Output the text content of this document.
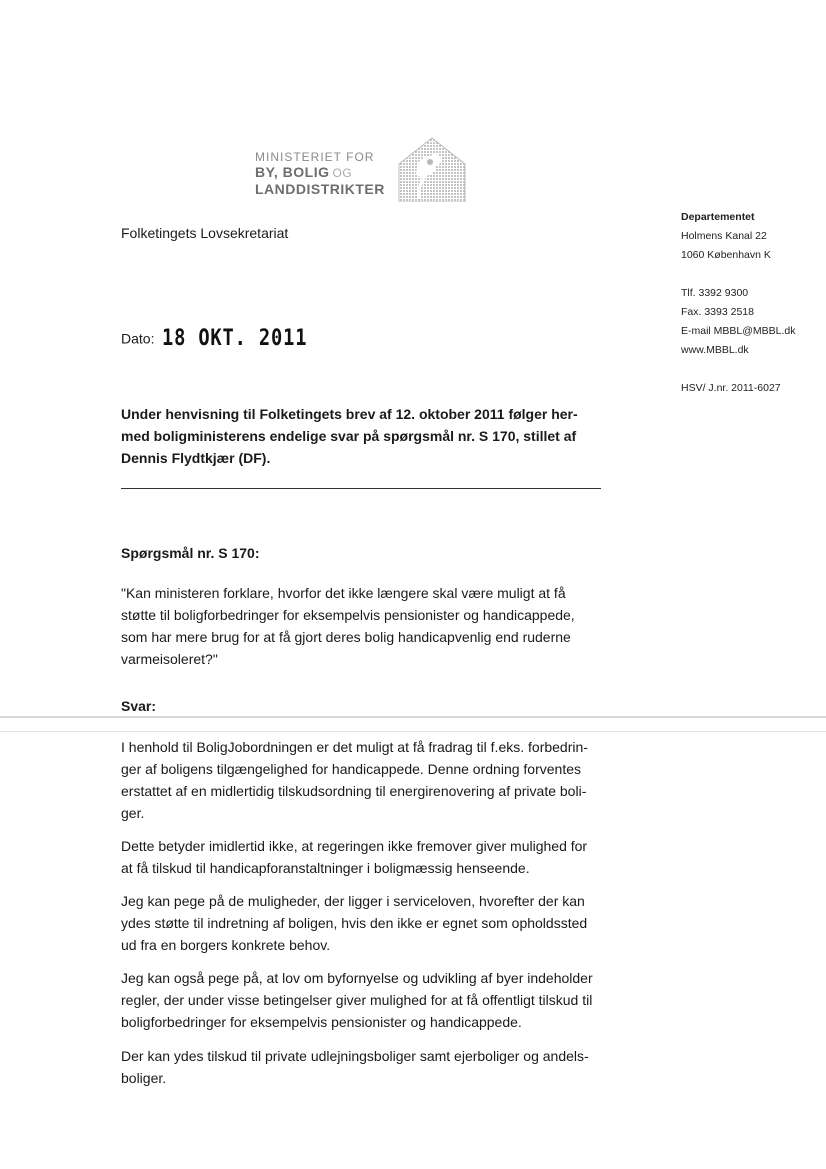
MINISTERIET FOR
BY, BOLIG OG
LANDDISTRIKTER
Folketingets Lovsekretariat
Departementet
Holmens Kanal 22
1060 København K
Tlf. 3392 9300
Fax. 3393 2518
E-mail MBBL@MBBL.dk
www.MBBL.dk
HSV/ J.nr. 2011-6027
Dato: 18 OKT. 2011
Under henvisning til Folketingets brev af 12. oktober 2011 følger her-
med boligministerens endelige svar på spørgsmål nr. S 170, stillet af
Dennis Flydtkjær (DF).
Spørgsmål nr. S 170:
"Kan ministeren forklare, hvorfor det ikke længere skal være muligt at få
støtte til boligforbedringer for eksempelvis pensionister og handicappede,
som har mere brug for at få gjort deres bolig handicapvenlig end ruderne
varmeisoleret?"
Svar:
I henhold til BoligJobordningen er det muligt at få fradrag til f.eks. forbedrin-
ger af boligens tilgængelighed for handicappede. Denne ordning forventes
erstattet af en midlertidig tilskudsordning til energirenovering af private boli-
ger.
Dette betyder imidlertid ikke, at regeringen ikke fremover giver mulighed for
at få tilskud til handicapforanstaltninger i boligmæssig henseende.
Jeg kan pege på de muligheder, der ligger i serviceloven, hvorefter der kan
ydes støtte til indretning af boligen, hvis den ikke er egnet som opholdssted
ud fra en borgers konkrete behov.
Jeg kan også pege på, at lov om byfornyelse og udvikling af byer indeholder
regler, der under visse betingelser giver mulighed for at få offentligt tilskud til
boligforbedringer for eksempelvis pensionister og handicappede.
Der kan ydes tilskud til private udlejningsboliger samt ejerboliger og andels-
boliger.
